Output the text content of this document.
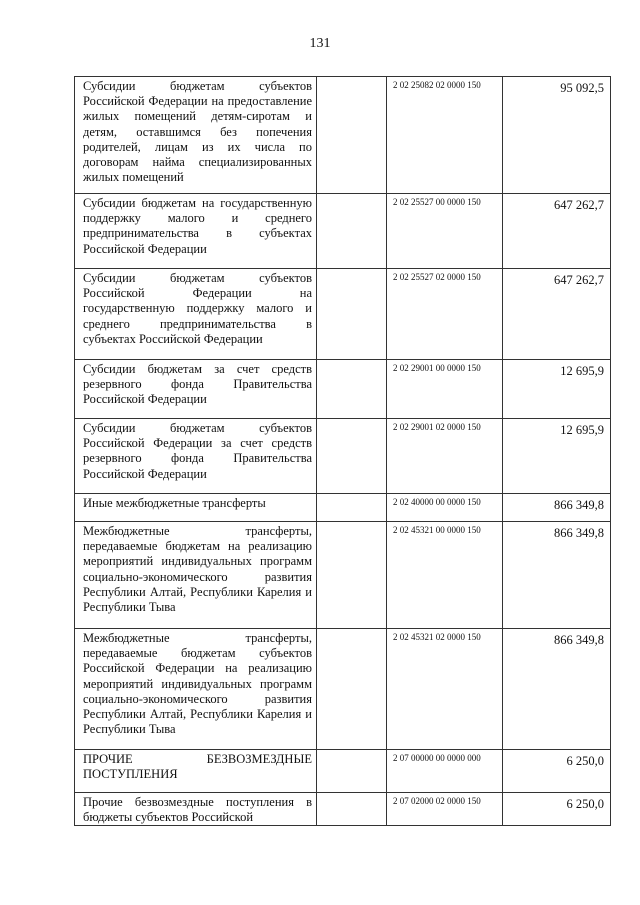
131
Субсидии бюджетам субъектов Российской Федерации на предоставление жилых помещений детям-сиротам и детям, оставшимся без попечения родителей, лицам из их числа по договорам найма специализированных жилых помещений		2 02 25082 02 0000 150	95 092,5

Субсидии бюджетам на государственную поддержку малого и среднего предпринимательства в субъектах Российской Федерации		2 02 25527 00 0000 150	647 262,7

Субсидии бюджетам субъектов Российской Федерации на государственную поддержку малого и среднего предпринимательства в субъектах Российской Федерации		2 02 25527 02 0000 150	647 262,7

Субсидии бюджетам за счет средств резервного фонда Правительства Российской Федерации		2 02 29001 00 0000 150	12 695,9

Субсидии бюджетам субъектов Российской Федерации за счет средств резервного фонда Правительства Российской Федерации		2 02 29001 02 0000 150	12 695,9

Иные межбюджетные трансферты		2 02 40000 00 0000 150	866 349,8

Межбюджетные трансферты, передаваемые бюджетам на реализацию мероприятий индивидуальных программ социально-экономического развития Республики Алтай, Республики Карелия и Республики Тыва		2 02 45321 00 0000 150	866 349,8

Межбюджетные трансферты, передаваемые бюджетам субъектов Российской Федерации на реализацию мероприятий индивидуальных программ социально-экономического развития Республики Алтай, Республики Карелия и Республики Тыва		2 02 45321 02 0000 150	866 349,8

ПРОЧИЕ БЕЗВОЗМЕЗДНЫЕ ПОСТУПЛЕНИЯ		2 07 00000 00 0000 000	6 250,0

Прочие безвозмездные поступления в бюджеты субъектов Российской		2 07 02000 02 0000 150	6 250,0
